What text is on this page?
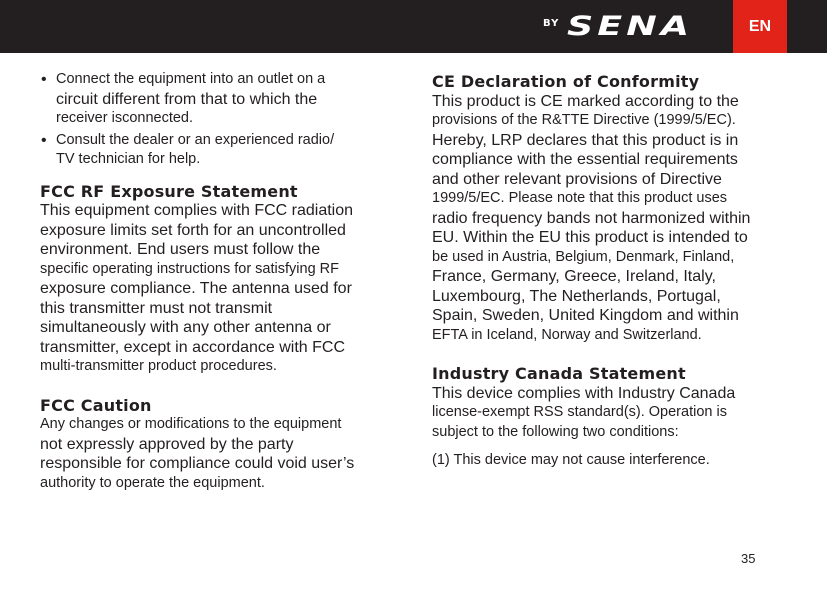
BY SENA	EN

• Connect the equipment into an outlet on a

circuit different from that to which the

receiver isconnected.

• Consult the dealer or an experienced radio/

TV technician for help.

FCC RF Exposure Statement

This equipment complies with FCC radiation

exposure limits set forth for an uncontrolled

environment. End users must follow the

specific operating instructions for satisfying RF

exposure compliance. The antenna used for

this transmitter must not transmit

simultaneously with any other antenna or

transmitter, except in accordance with FCC

multi-transmitter product procedures.

FCC Caution

Any changes or modifications to the equipment

not expressly approved by the party

responsible for compliance could void user’s

authority to operate the equipment.

CE Declaration of Conformity

This product is CE marked according to the

provisions of the R&TTE Directive (1999/5/EC).

Hereby, LRP declares that this product is in

compliance with the essential requirements

and other relevant provisions of Directive

1999/5/EC. Please note that this product uses

radio frequency bands not harmonized within

EU. Within the EU this product is intended to

be used in Austria, Belgium, Denmark, Finland,

France, Germany, Greece, Ireland, Italy,

Luxembourg, The Netherlands, Portugal,

Spain, Sweden, United Kingdom and within

EFTA in Iceland, Norway and Switzerland.

Industry Canada Statement

This device complies with Industry Canada

license-exempt RSS standard(s). Operation is

subject to the following two conditions:

(1) This device may not cause interference.

35
